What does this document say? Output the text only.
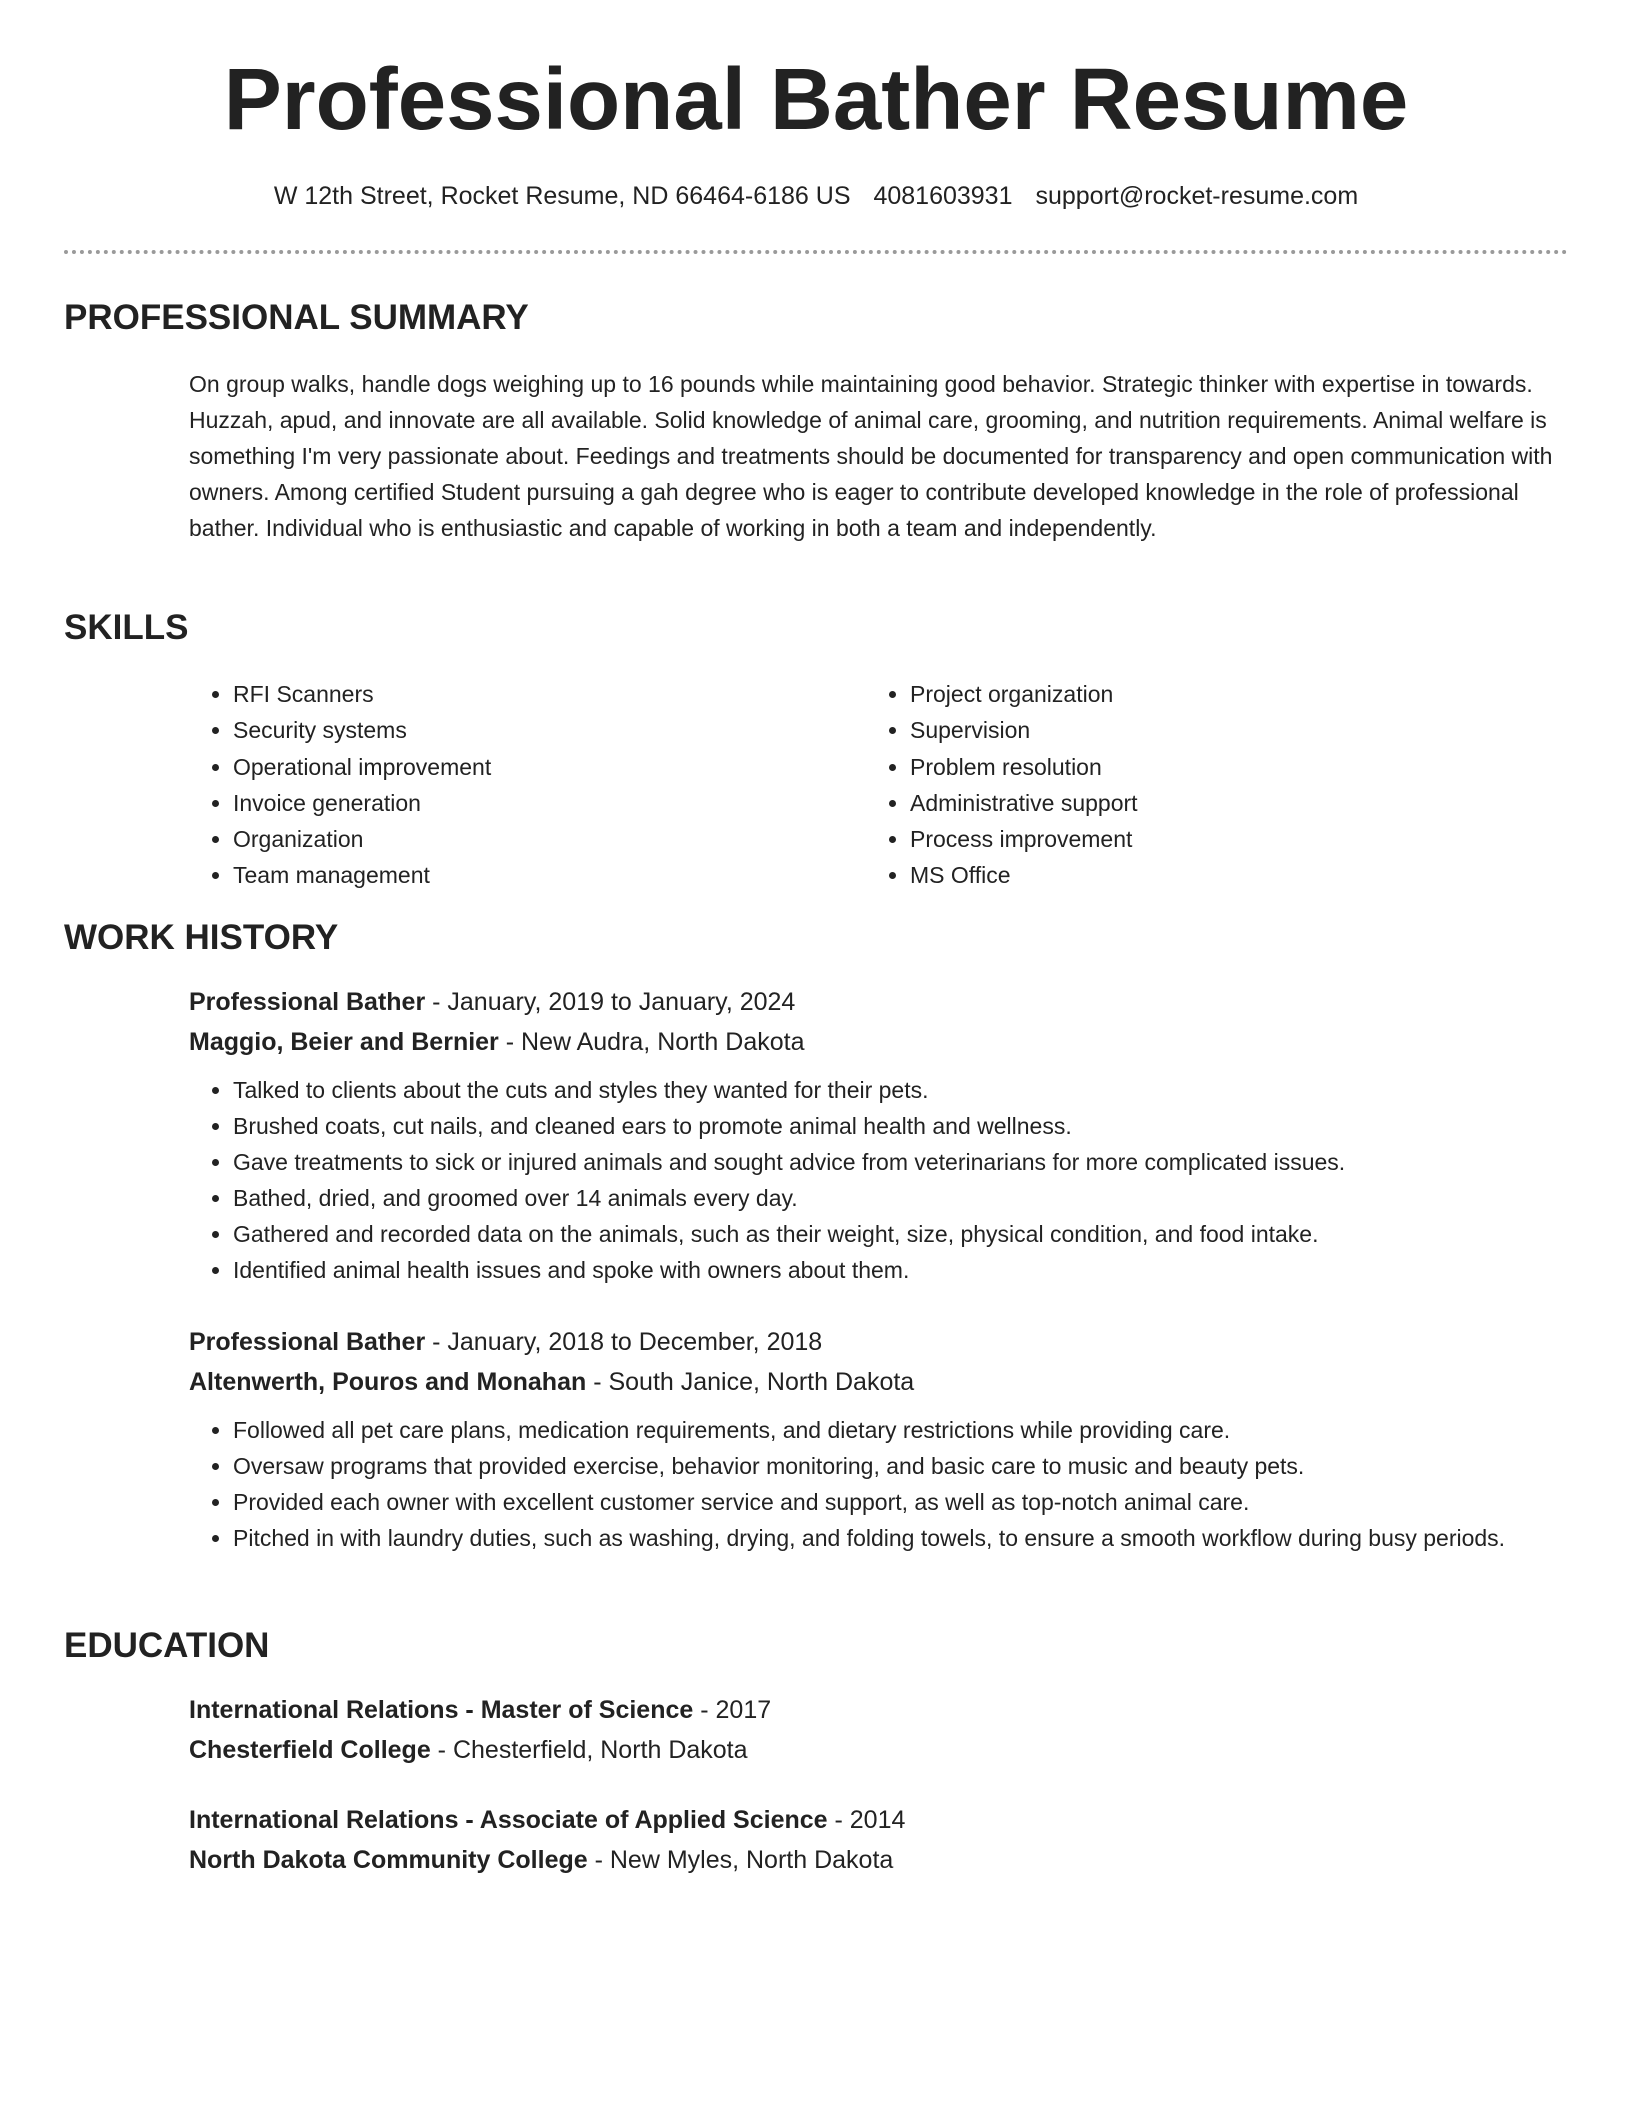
Professional Bather Resume
W 12th Street, Rocket Resume, ND 66464-6186 US 4081603931 support@rocket-resume.com
PROFESSIONAL SUMMARY

On group walks, handle dogs weighing up to 16 pounds while maintaining good behavior. Strategic thinker with expertise in towards. Huzzah, apud, and innovate are all available. Solid knowledge of animal care, grooming, and nutrition requirements. Animal welfare is something I'm very passionate about. Feedings and treatments should be documented for transparency and open communication with owners. Among certified Student pursuing a gah degree who is eager to contribute developed knowledge in the role of professional bather. Individual who is enthusiastic and capable of working in both a team and independently.

SKILLS
• RFI Scanners
• Security systems
• Operational improvement
• Invoice generation
• Organization
• Team management
• Project organization
• Supervision
• Problem resolution
• Administrative support
• Process improvement
• MS Office
WORK HISTORY
Professional Bather - January, 2019 to January, 2024
Maggio, Beier and Bernier - New Audra, North Dakota
• Talked to clients about the cuts and styles they wanted for their pets.
• Brushed coats, cut nails, and cleaned ears to promote animal health and wellness.
• Gave treatments to sick or injured animals and sought advice from veterinarians for more complicated issues.
• Bathed, dried, and groomed over 14 animals every day.
• Gathered and recorded data on the animals, such as their weight, size, physical condition, and food intake.
• Identified animal health issues and spoke with owners about them.
Professional Bather - January, 2018 to December, 2018
Altenwerth, Pouros and Monahan - South Janice, North Dakota
• Followed all pet care plans, medication requirements, and dietary restrictions while providing care.
• Oversaw programs that provided exercise, behavior monitoring, and basic care to music and beauty pets.
• Provided each owner with excellent customer service and support, as well as top-notch animal care.
• Pitched in with laundry duties, such as washing, drying, and folding towels, to ensure a smooth workflow during busy periods.
EDUCATION
International Relations - Master of Science - 2017
Chesterfield College - Chesterfield, North Dakota
International Relations - Associate of Applied Science - 2014
North Dakota Community College - New Myles, North Dakota
